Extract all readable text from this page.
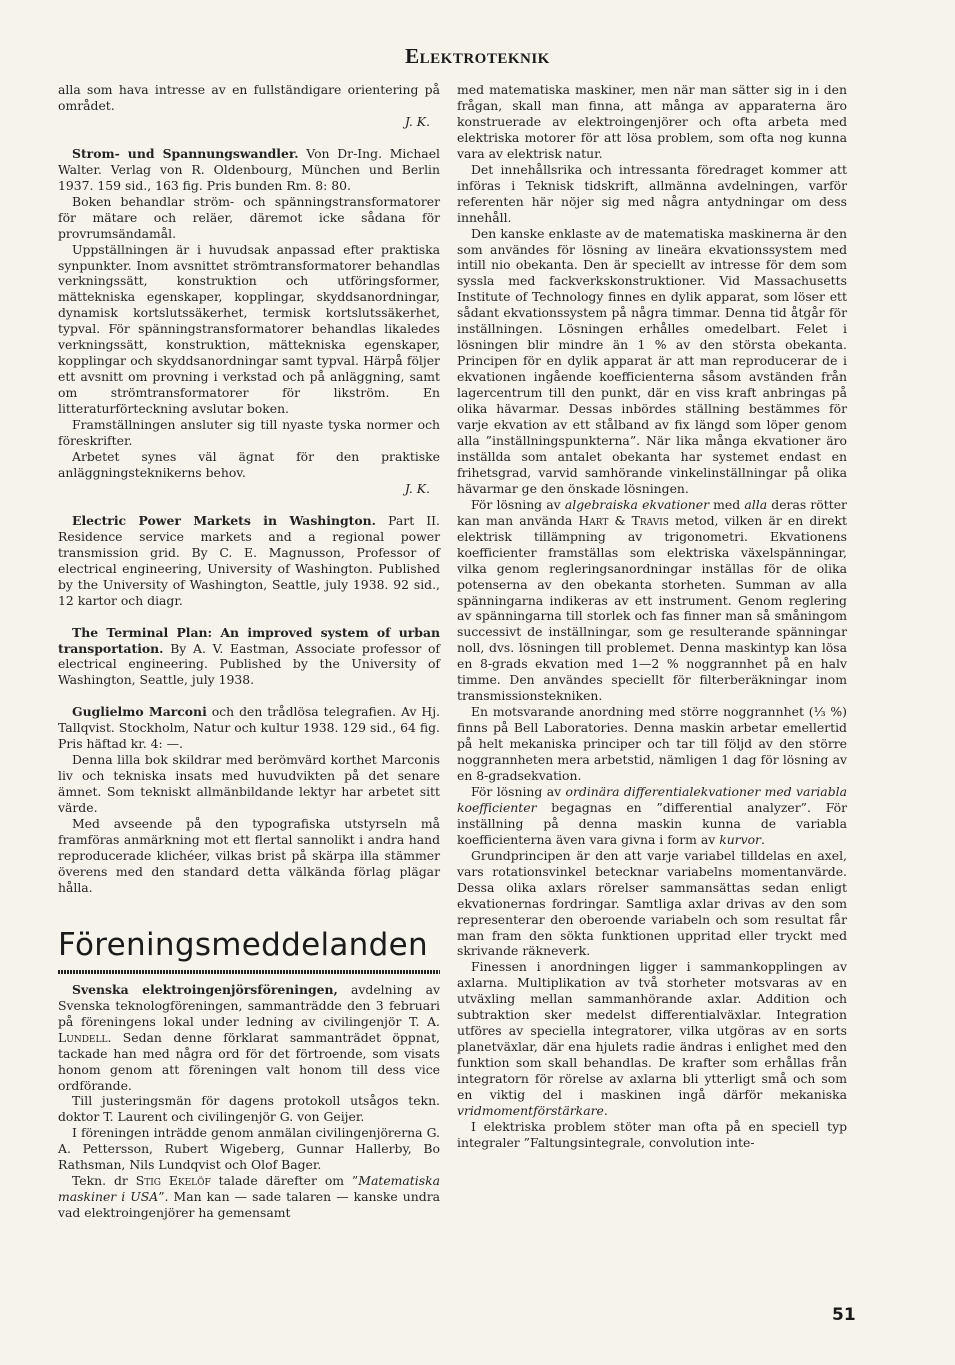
Elektroteknik

alla som hava intresse av en fullständigare orientering på området.

J. K.

Strom- und Spannungswandler. Von Dr-Ing. Michael Walter. Verlag von R. Oldenbourg, München und Berlin 1937. 159 sid., 163 fig. Pris bunden Rm. 8: 80.

Boken behandlar ström- och spänningstransformatorer för mätare och reläer, däremot icke sådana för provrumsändamål.

Uppställningen är i huvudsak anpassad efter praktiska synpunkter. Inom avsnittet strömtransformatorer behandlas verkningssätt, konstruktion och utföringsformer, mättekniska egenskaper, kopplingar, skyddsanordningar, dynamisk kortslutssäkerhet, termisk kortslutssäkerhet, typval. För spänningstransformatorer behandlas likaledes verkningssätt, konstruktion, mättekniska egenskaper, kopplingar och skyddsanordningar samt typval. Härpå följer ett avsnitt om provning i verkstad och på anläggning, samt om strömtransformatorer för likström. En litteraturförteckning avslutar boken.

Framställningen ansluter sig till nyaste tyska normer och föreskrifter.

Arbetet synes väl ägnat för den praktiske anläggningsteknikerns behov.

J. K.

Electric Power Markets in Washington. Part II. Residence service markets and a regional power transmission grid. By C. E. Magnusson, Professor of electrical engineering, University of Washington. Published by the University of Washington, Seattle, july 1938. 92 sid., 12 kartor och diagr.

The Terminal Plan: An improved system of urban transportation. By A. V. Eastman, Associate professor of electrical engineering. Published by the University of Washington, Seattle, july 1938.

Guglielmo Marconi och den trådlösa telegrafien. Av Hj. Tallqvist. Stockholm, Natur och kultur 1938. 129 sid., 64 fig. Pris häftad kr. 4: —.

Denna lilla bok skildrar med berömvärd korthet Marconis liv och tekniska insats med huvudvikten på det senare ämnet. Som tekniskt allmänbildande lektyr har arbetet sitt värde.

Med avseende på den typografiska utstyrseln må framföras anmärkning mot ett flertal sannolikt i andra hand reproducerade klichéer, vilkas brist på skärpa illa stämmer överens med den standard detta välkända förlag plägar hålla.

Föreningsmeddelanden

Svenska elektroingenjörsföreningen, avdelning av Svenska teknologföreningen, sammanträdde den 3 februari på föreningens lokal under ledning av civilingenjör T. A. Lundell. Sedan denne förklarat sammanträdet öppnat, tackade han med några ord för det förtroende, som visats honom genom att föreningen valt honom till dess vice ordförande.

Till justeringsmän för dagens protokoll utsågos tekn. doktor T. Laurent och civilingenjör G. von Geijer.

I föreningen inträdde genom anmälan civilingenjörerna G. A. Pettersson, Rubert Wigeberg, Gunnar Hallerby, Bo Rathsman, Nils Lundqvist och Olof Bager.

Tekn. dr Stig Ekelöf talade därefter om ”Matematiska maskiner i USA”. Man kan — sade talaren — kanske undra vad elektroingenjörer ha gemensamt

med matematiska maskiner, men när man sätter sig in i den frågan, skall man finna, att många av apparaterna äro konstruerade av elektroingenjörer och ofta arbeta med elektriska motorer för att lösa problem, som ofta nog kunna vara av elektrisk natur.

Det innehållsrika och intressanta föredraget kommer att införas i Teknisk tidskrift, allmänna avdelningen, varför referenten här nöjer sig med några antydningar om dess innehåll.

Den kanske enklaste av de matematiska maskinerna är den som användes för lösning av lineära ekvationssystem med intill nio obekanta. Den är speciellt av intresse för dem som syssla med fackverkskonstruktioner. Vid Massachusetts Institute of Technology finnes en dylik apparat, som löser ett sådant ekvationssystem på några timmar. Denna tid åtgår för inställningen. Lösningen erhålles omedelbart. Felet i lösningen blir mindre än 1 % av den största obekanta. Principen för en dylik apparat är att man reproducerar de i ekvationen ingående koefficienterna såsom avständen från lagercentrum till den punkt, där en viss kraft anbringas på olika hävarmar. Dessas inbördes ställning bestämmes för varje ekvation av ett stålband av fix längd som löper genom alla ”inställningspunkterna”. När lika många ekvationer äro inställda som antalet obekanta har systemet endast en frihetsgrad, varvid samhörande vinkelinställningar på olika hävarmar ge den önskade lösningen.

För lösning av algebraiska ekvationer med alla deras rötter kan man använda Hart & Travis metod, vilken är en direkt elektrisk tillämpning av trigonometri. Ekvationens koefficienter framställas som elektriska växelspänningar, vilka genom regleringsanordningar inställas för de olika potenserna av den obekanta storheten. Summan av alla spänningarna indikeras av ett instrument. Genom reglering av spänningarna till storlek och fas finner man så småningom successivt de inställningar, som ge resulterande spänningar noll, dvs. lösningen till problemet. Denna maskintyp kan lösa en 8-grads ekvation med 1—2 % noggrannhet på en halv timme. Den användes speciellt för filterberäkningar inom transmissionstekniken.

En motsvarande anordning med större noggrannhet (⅓ %) finns på Bell Laboratories. Denna maskin arbetar emellertid på helt mekaniska principer och tar till följd av den större noggrannheten mera arbetstid, nämligen 1 dag för lösning av en 8-gradsekvation.

För lösning av ordinära differentialekvationer med variabla koefficienter begagnas en ”differential analyzer”. För inställning på denna maskin kunna de variabla koefficienterna även vara givna i form av kurvor.

Grundprincipen är den att varje variabel tilldelas en axel, vars rotationsvinkel betecknar variabelns momentanvärde. Dessa olika axlars rörelser sammansättas sedan enligt ekvationernas fordringar. Samtliga axlar drivas av den som representerar den oberoende variabeln och som resultat får man fram den sökta funktionen uppritad eller tryckt med skrivande räkneverk.

Finessen i anordningen ligger i sammankopplingen av axlarna. Multiplikation av två storheter motsvaras av en utväxling mellan sammanhörande axlar. Addition och subtraktion sker medelst differentialväxlar. Integration utföres av speciella integratorer, vilka utgöras av en sorts planetväxlar, där ena hjulets radie ändras i enlighet med den funktion som skall behandlas. De krafter som erhållas från integratorn för rörelse av axlarna bli ytterligt små och som en viktig del i maskinen ingå därför mekaniska vridmomentförstärkare.

I elektriska problem stöter man ofta på en speciell typ integraler ”Faltungsintegrale, convolution inte-

51
